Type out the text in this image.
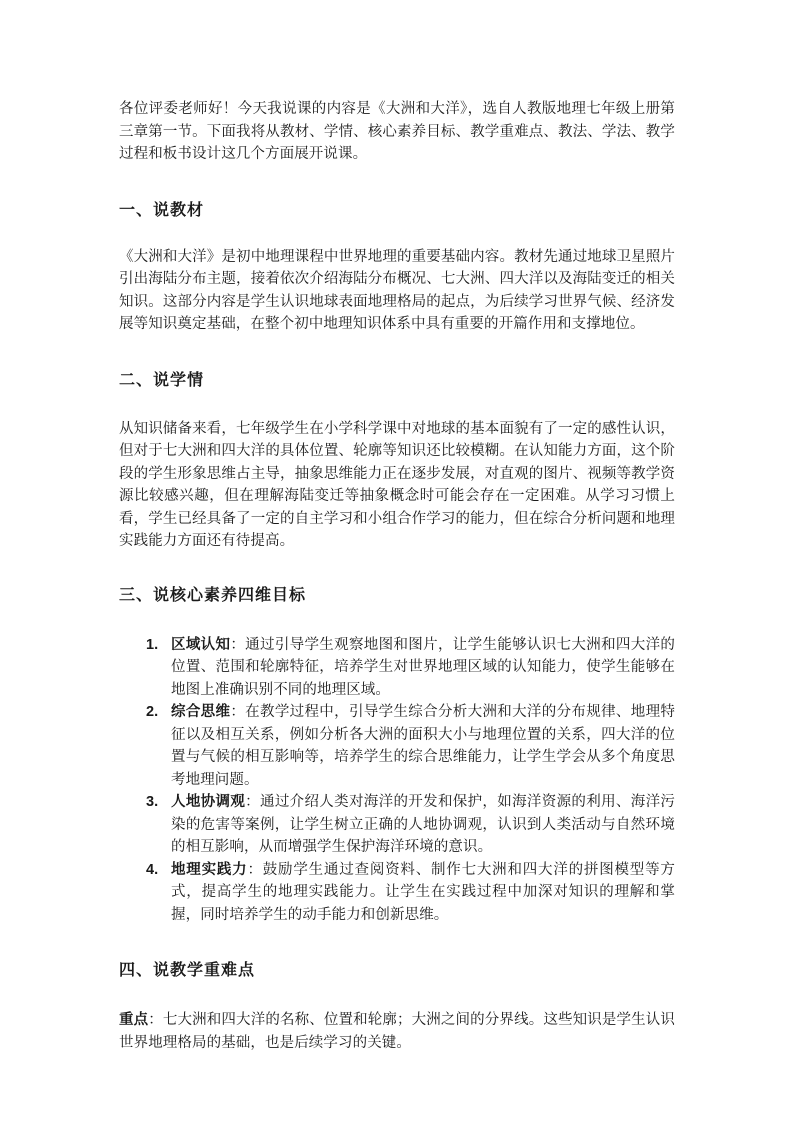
各位评委老师好！今天我说课的内容是《大洲和大洋》，选自人教版地理七年级上册第三章第一节。下面我将从教材、学情、核心素养目标、教学重难点、教法、学法、教学过程和板书设计这几个方面展开说课。

一、说教材

《大洲和大洋》是初中地理课程中世界地理的重要基础内容。教材先通过地球卫星照片引出海陆分布主题，接着依次介绍海陆分布概况、七大洲、四大洋以及海陆变迁的相关知识。这部分内容是学生认识地球表面地理格局的起点，为后续学习世界气候、经济发展等知识奠定基础，在整个初中地理知识体系中具有重要的开篇作用和支撑地位。

二、说学情

从知识储备来看，七年级学生在小学科学课中对地球的基本面貌有了一定的感性认识，但对于七大洲和四大洋的具体位置、轮廓等知识还比较模糊。在认知能力方面，这个阶段的学生形象思维占主导，抽象思维能力正在逐步发展，对直观的图片、视频等教学资源比较感兴趣，但在理解海陆变迁等抽象概念时可能会存在一定困难。从学习习惯上看，学生已经具备了一定的自主学习和小组合作学习的能力，但在综合分析问题和地理实践能力方面还有待提高。

三、说核心素养四维目标
1. 区域认知：通过引导学生观察地图和图片，让学生能够认识七大洲和四大洋的位置、范围和轮廓特征，培养学生对世界地理区域的认知能力，使学生能够在地图上准确识别不同的地理区域。
2. 综合思维：在教学过程中，引导学生综合分析大洲和大洋的分布规律、地理特征以及相互关系，例如分析各大洲的面积大小与地理位置的关系，四大洋的位置与气候的相互影响等，培养学生的综合思维能力，让学生学会从多个角度思考地理问题。
3. 人地协调观：通过介绍人类对海洋的开发和保护，如海洋资源的利用、海洋污染的危害等案例，让学生树立正确的人地协调观，认识到人类活动与自然环境的相互影响，从而增强学生保护海洋环境的意识。
4. 地理实践力：鼓励学生通过查阅资料、制作七大洲和四大洋的拼图模型等方式，提高学生的地理实践能力。让学生在实践过程中加深对知识的理解和掌握，同时培养学生的动手能力和创新思维。
四、说教学重难点

重点：七大洲和四大洋的名称、位置和轮廓；大洲之间的分界线。这些知识是学生认识世界地理格局的基础，也是后续学习的关键。
